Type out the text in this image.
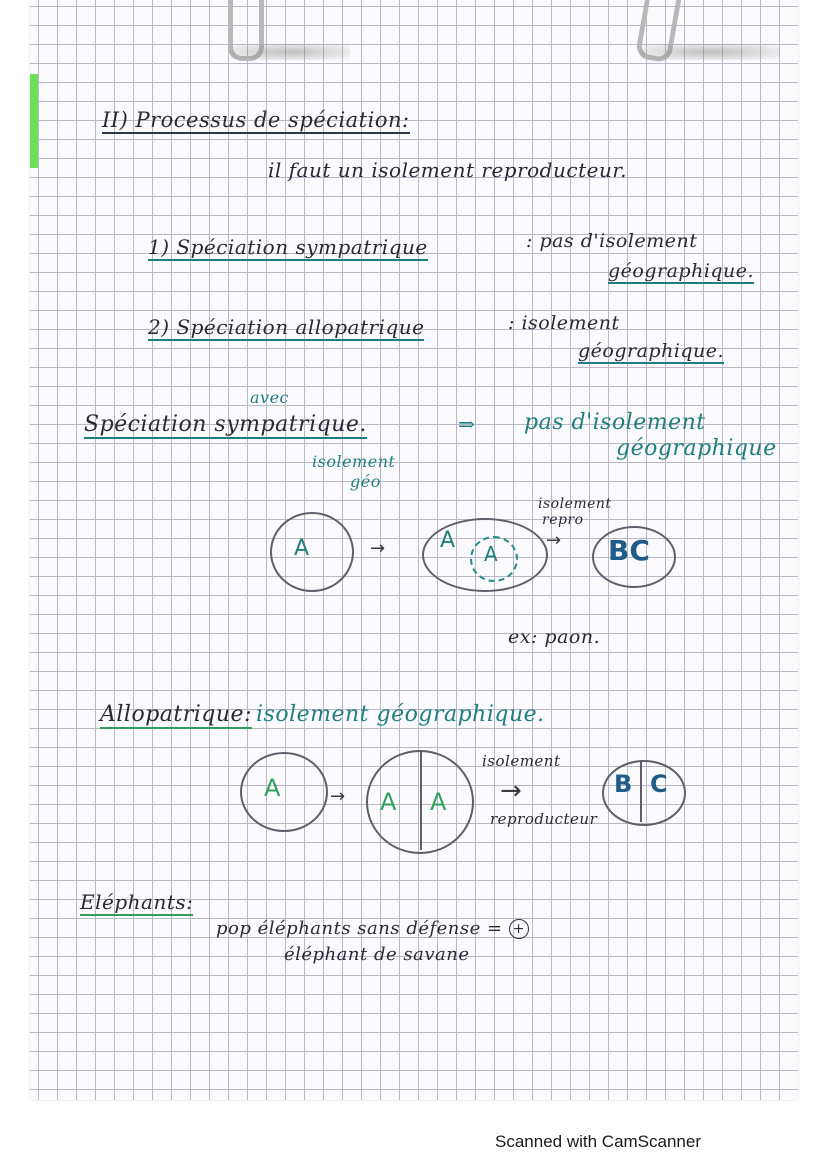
II) Processus de spéciation:
il faut un isolement reproducteur.
1) Spéciation sympatrique	: pas d'isolement
géographique.
2) Spéciation allopatrique	: isolement
géographique.
avec
Spéciation sympatrique.	⇒ pas d'isolement
géographique
isolement
géo
isolement
repro
A	→ A
A
→ BC
ex: paon.
Allopatrique: isolement géographique.
A	→ A A
isolement
→
reproducteur
B C
Eléphants:
pop éléphants sans défense = +
éléphant de savane
Scanned with CamScanner
